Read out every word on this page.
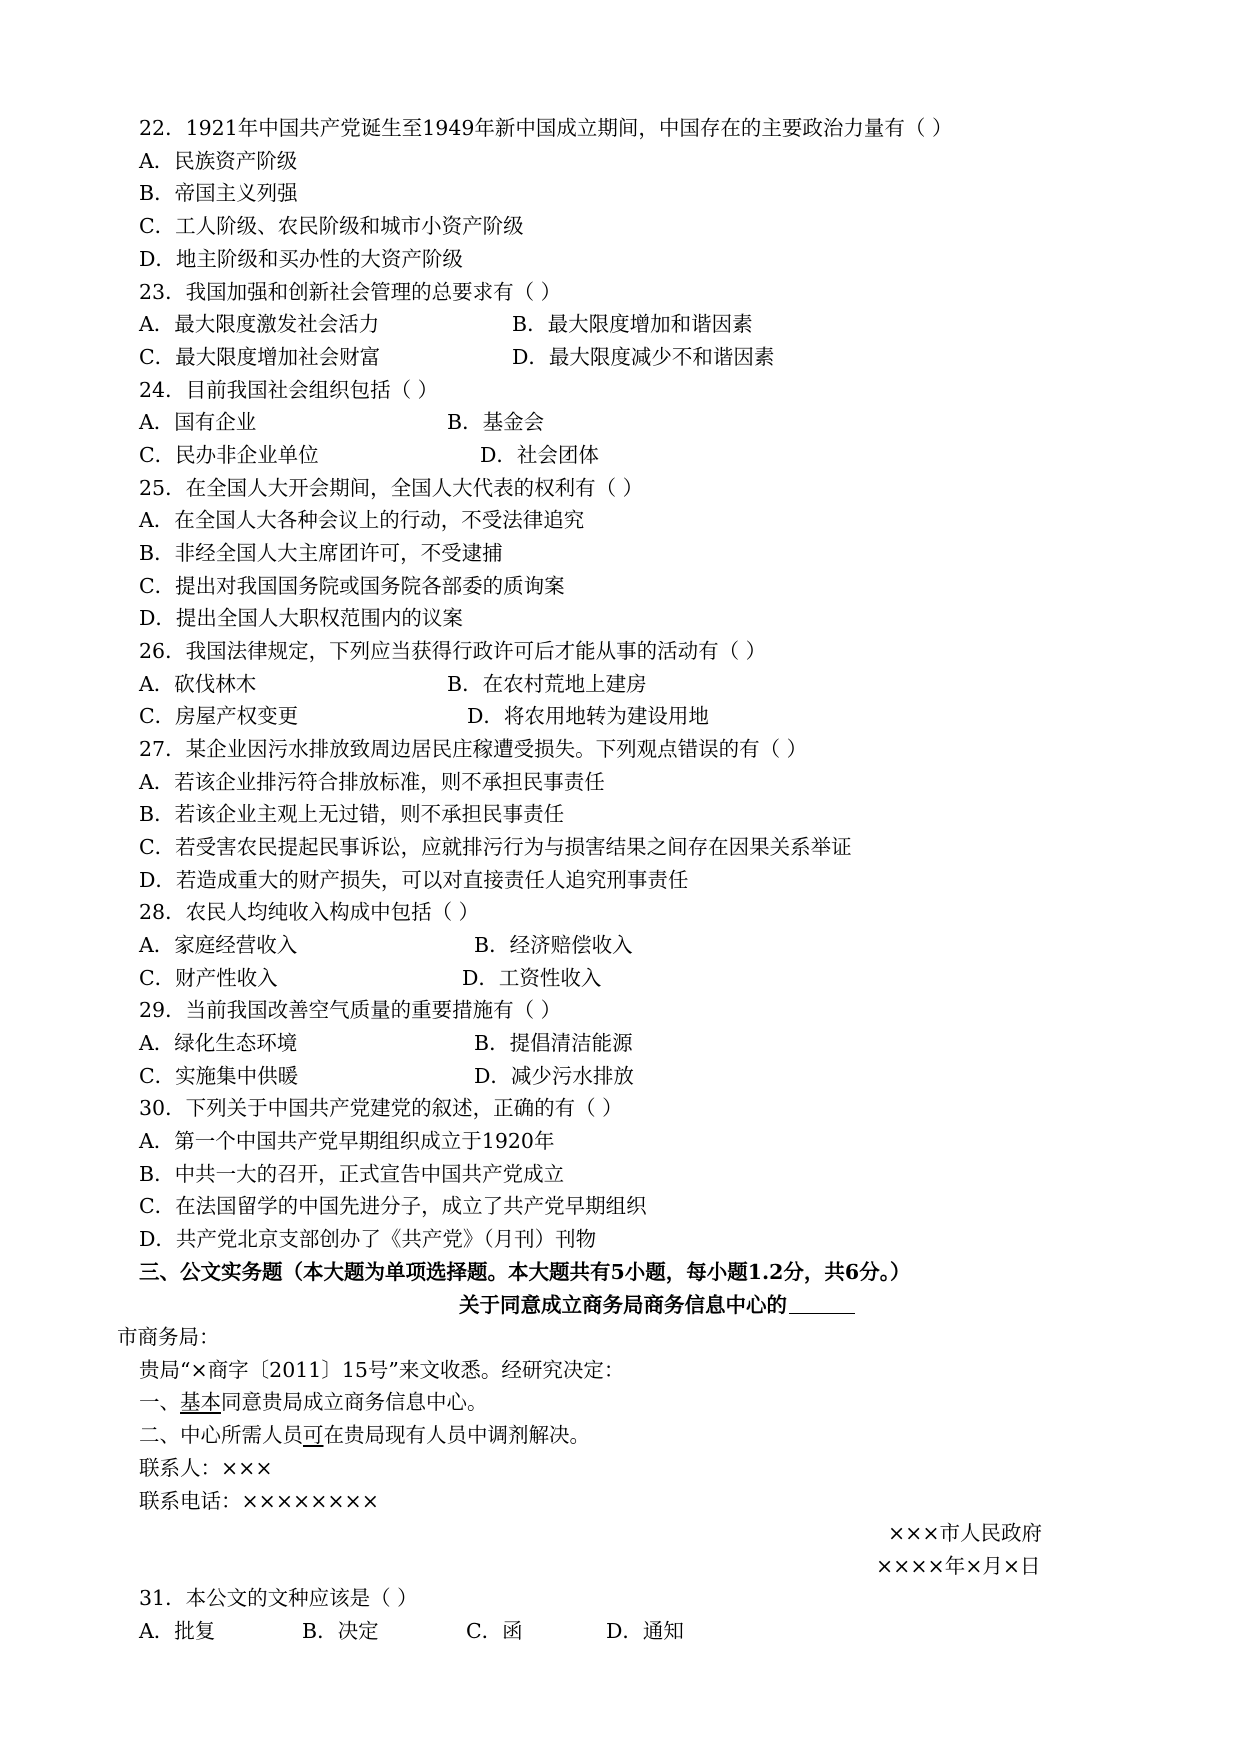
22．1921年中国共产党诞生至1949年新中国成立期间，中国存在的主要政治力量有（ ）
A．民族资产阶级
B．帝国主义列强
C．工人阶级、农民阶级和城市小资产阶级
D．地主阶级和买办性的大资产阶级
23．我国加强和创新社会管理的总要求有（ ）
A．最大限度激发社会活力	B．最大限度增加和谐因素
C．最大限度增加社会财富	D．最大限度减少不和谐因素
24．目前我国社会组织包括（ ）
A．国有企业	B．基金会
C．民办非企业单位	D．社会团体
25．在全国人大开会期间，全国人大代表的权利有（ ）
A．在全国人大各种会议上的行动，不受法律追究
B．非经全国人大主席团许可，不受逮捕
C．提出对我国国务院或国务院各部委的质询案
D．提出全国人大职权范围内的议案
26．我国法律规定，下列应当获得行政许可后才能从事的活动有（ ）
A．砍伐林木	B．在农村荒地上建房
C．房屋产权变更	D．将农用地转为建设用地
27．某企业因污水排放致周边居民庄稼遭受损失。下列观点错误的有（ ）
A．若该企业排污符合排放标准，则不承担民事责任
B．若该企业主观上无过错，则不承担民事责任
C．若受害农民提起民事诉讼，应就排污行为与损害结果之间存在因果关系举证
D．若造成重大的财产损失，可以对直接责任人追究刑事责任
28．农民人均纯收入构成中包括（ ）
A．家庭经营收入	B．经济赔偿收入
C．财产性收入	D．工资性收入
29．当前我国改善空气质量的重要措施有（ ）
A．绿化生态环境	B．提倡清洁能源
C．实施集中供暖	D．减少污水排放
30．下列关于中国共产党建党的叙述，正确的有（ ）
A．第一个中国共产党早期组织成立于1920年
B．中共一大的召开，正式宣告中国共产党成立
C．在法国留学的中国先进分子，成立了共产党早期组织
D．共产党北京支部创办了《共产党》（月刊）刊物
三、公文实务题（本大题为单项选择题。本大题共有5小题，每小题1.2分，共6分。）
关于同意成立商务局商务信息中心的
市商务局：
贵局“×商字〔2011〕15号”来文收悉。经研究决定：
一、基本同意贵局成立商务信息中心。
二、中心所需人员可在贵局现有人员中调剂解决。
联系人：×××
联系电话：××××××××
×××市人民政府
××××年×月×日
31．本公文的文种应该是（ ）
A．批复	B．决定	C．函	D．通知
